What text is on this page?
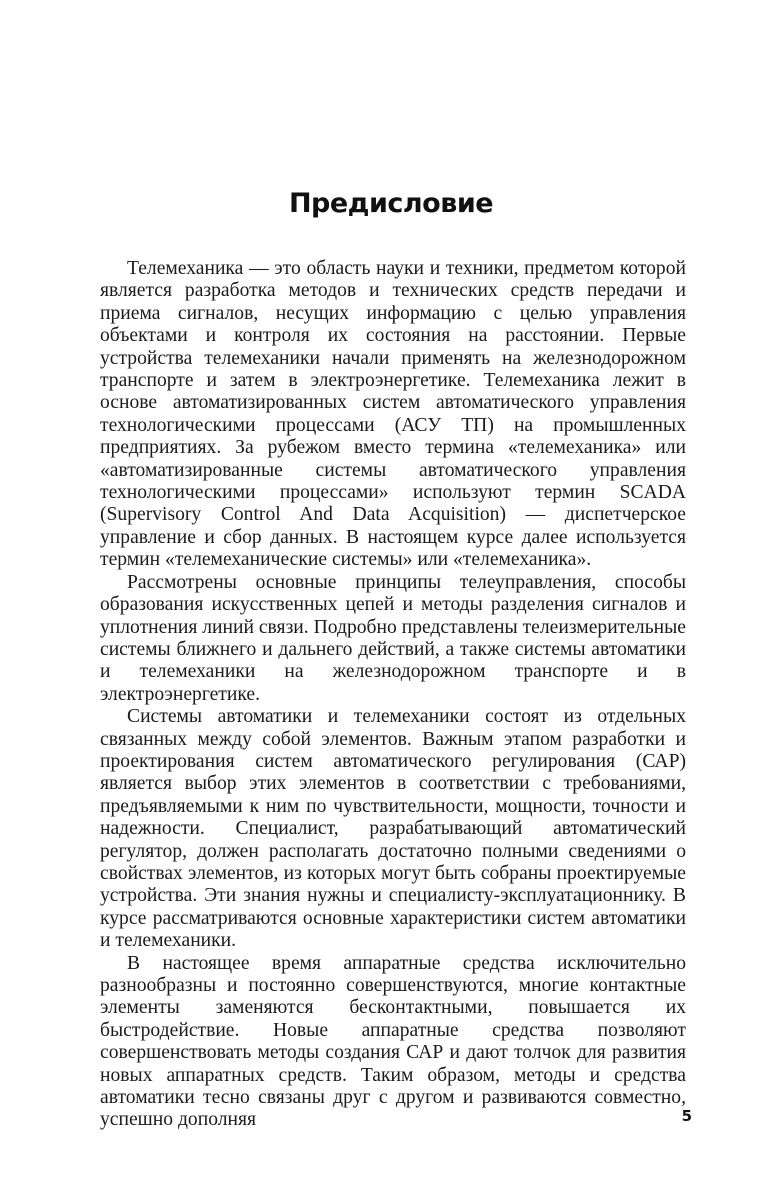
Предисловие

Телемеханика — это область науки и техники, предметом которой является разработка методов и технических средств передачи и приема сигналов, несущих информацию с целью управления объектами и контроля их состояния на расстоянии. Первые устройства телемеханики начали применять на железнодорожном транспорте и затем в электроэнергетике. Телемеханика лежит в основе автоматизированных систем автоматического управления технологическими процессами (АСУ ТП) на промышленных предприятиях. За рубежом вместо термина «телемеханика» или «автоматизированные системы автоматического управления технологическими процессами» используют термин SCADA (Supervisory Control And Data Acquisition) — диспетчерское управление и сбор данных. В настоящем курсе далее используется термин «телемеханические системы» или «телемеханика».

Рассмотрены основные принципы телеуправления, способы образования искусственных цепей и методы разделения сигналов и уплотнения линий связи. Подробно представлены телеизмерительные системы ближнего и дальнего действий, а также системы автоматики и телемеханики на железнодорожном транспорте и в электроэнергетике.

Системы автоматики и телемеханики состоят из отдельных связанных между собой элементов. Важным этапом разработки и проектирования систем автоматического регулирования (САР) является выбор этих элементов в соответствии с требованиями, предъявляемыми к ним по чувствительности, мощности, точности и надежности. Специалист, разрабатывающий автоматический регулятор, должен располагать достаточно полными сведениями о свойствах элементов, из которых могут быть собраны проектируемые устройства. Эти знания нужны и специалисту-эксплуатационнику. В курсе рассматриваются основные характеристики систем автоматики и телемеханики.

В настоящее время аппаратные средства исключительно разнообразны и постоянно совершенствуются, многие контактные элементы заменяются бесконтактными, повышается их быстродействие. Новые аппаратные средства позволяют совершенствовать методы создания САР и дают толчок для развития новых аппаратных средств. Таким образом, методы и средства автоматики тесно связаны друг с другом и развиваются совместно, успешно дополняя	5
